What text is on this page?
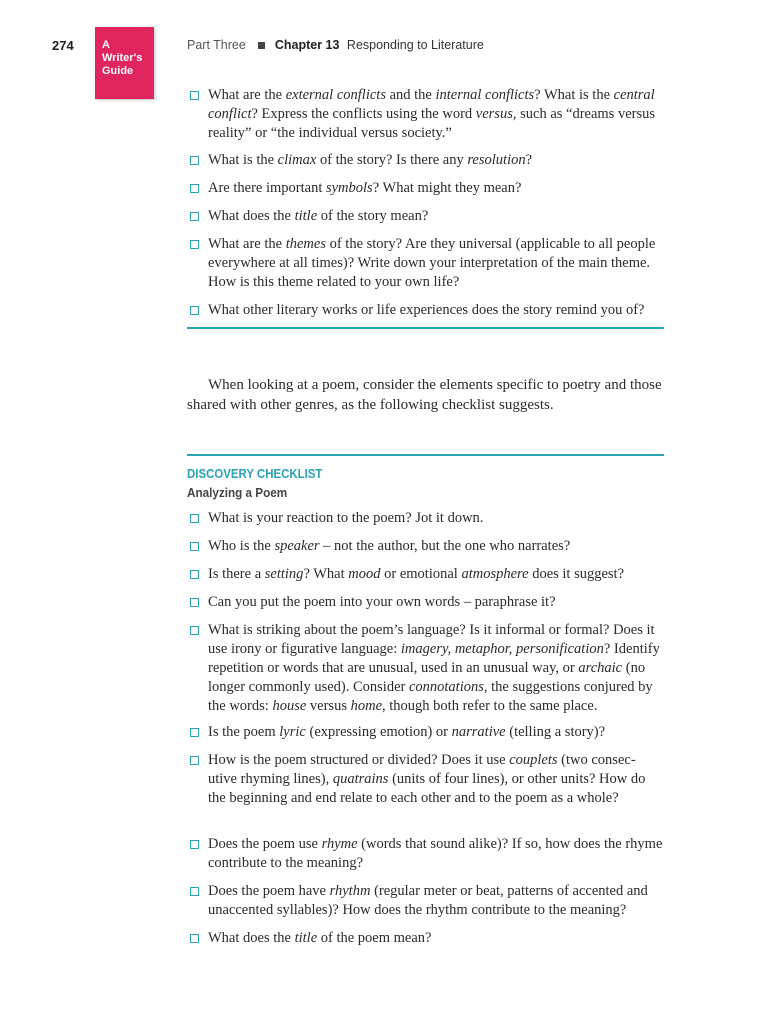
274	A
Writer's
Guide
Part Three Chapter 13 Responding to Literature
What are the external conflicts and the internal conflicts? What is the central conflict? Express the conflicts using the word versus, such as “dreams versus reality” or “the individual versus society.”
What is the climax of the story? Is there any resolution?
Are there important symbols? What might they mean?
What does the title of the story mean?
What are the themes of the story? Are they universal (applicable to all people everywhere at all times)? Write down your interpretation of the main theme. How is this theme related to your own life?
What other literary works or life experiences does the story remind you of?
When looking at a poem, consider the elements specific to poetry and those shared with other genres, as the following checklist suggests.
DISCOVERY CHECKLIST
Analyzing a Poem
What is your reaction to the poem? Jot it down.
Who is the speaker – not the author, but the one who narrates?
Is there a setting? What mood or emotional atmosphere does it suggest?
Can you put the poem into your own words – paraphrase it?
What is striking about the poem’s language? Is it informal or formal? Does it use irony or figurative language: imagery, metaphor, personification? Identify repetition or words that are unusual, used in an unusual way, or archaic (no longer commonly used). Consider connotations, the suggestions conjured by the words: house versus home, though both refer to the same place.
Is the poem lyric (expressing emotion) or narrative (telling a story)?
How is the poem structured or divided? Does it use couplets (two consec-utive rhyming lines), quatrains (units of four lines), or other units? How do the beginning and end relate to each other and to the poem as a whole?
Does the poem use rhyme (words that sound alike)? If so, how does the rhyme contribute to the meaning?
Does the poem have rhythm (regular meter or beat, patterns of accented and unaccented syllables)? How does the rhythm contribute to the meaning?
What does the title of the poem mean?
